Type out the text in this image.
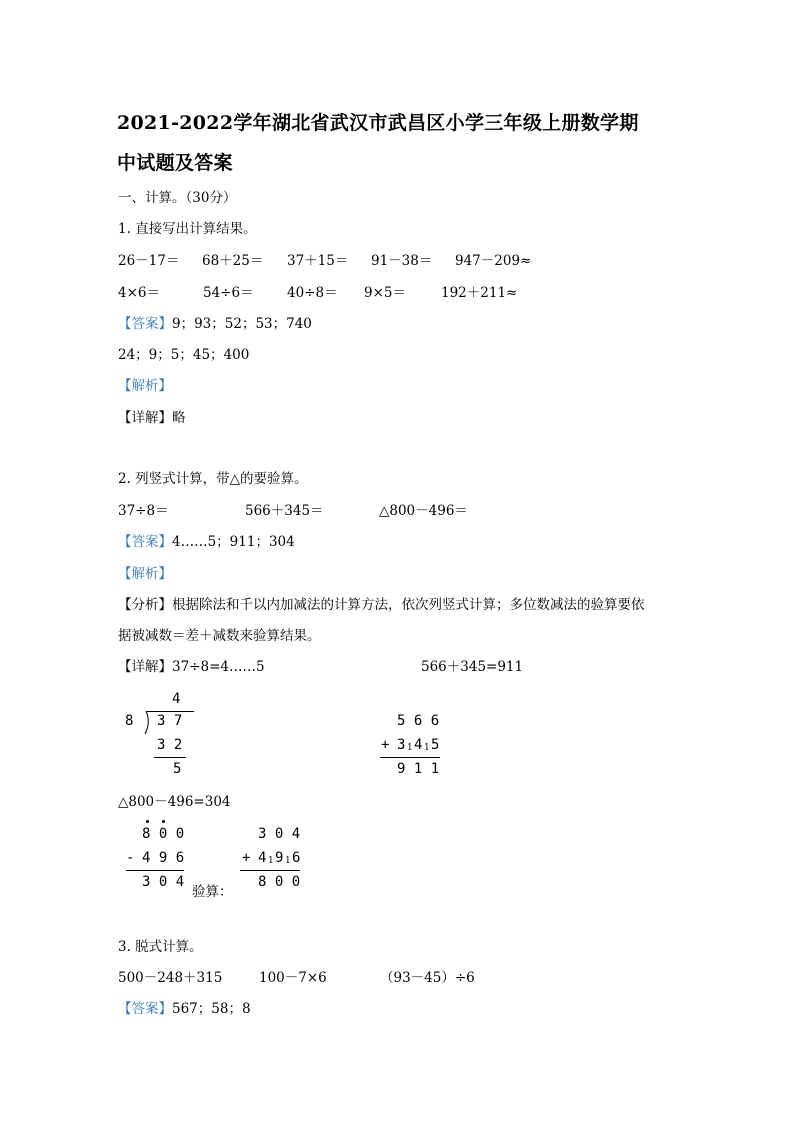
2021-2022学年湖北省武汉市武昌区小学三年级上册数学期
中试题及答案
一、计算。（30分）
1. 直接写出计算结果。
26－17＝ 68＋25＝ 37＋15＝ 91－38＝ 947－209≈
4×6＝	54÷6＝ 40÷8＝ 9×5＝	192＋211≈
【答案】9；93；52；53；740
24；9；5；45；400
【解析】
【详解】略
2. 列竖式计算，带△的要验算。
37÷8＝	566＋345＝	△800－496＝
【答案】4……5；911；304
【解析】
【分析】根据除法和千以内加减法的计算方法，依次列竖式计算；多位数减法的验算要依
据被减数＝差＋减数来验算结果。
【详解】37÷8=4……5	566＋345=911
4
8 3 7
3 2
5
5 6 6
+ 3 1 4 1 5
9 1 1
△800－496=304
8 0 0
- 4 9 6
3 0 4
验算：
3 0 4
+ 4 1 9 1 6
8 0 0
3. 脱式计算。
500－248＋315	100－7×6	（93－45）÷6
【答案】567；58；8
